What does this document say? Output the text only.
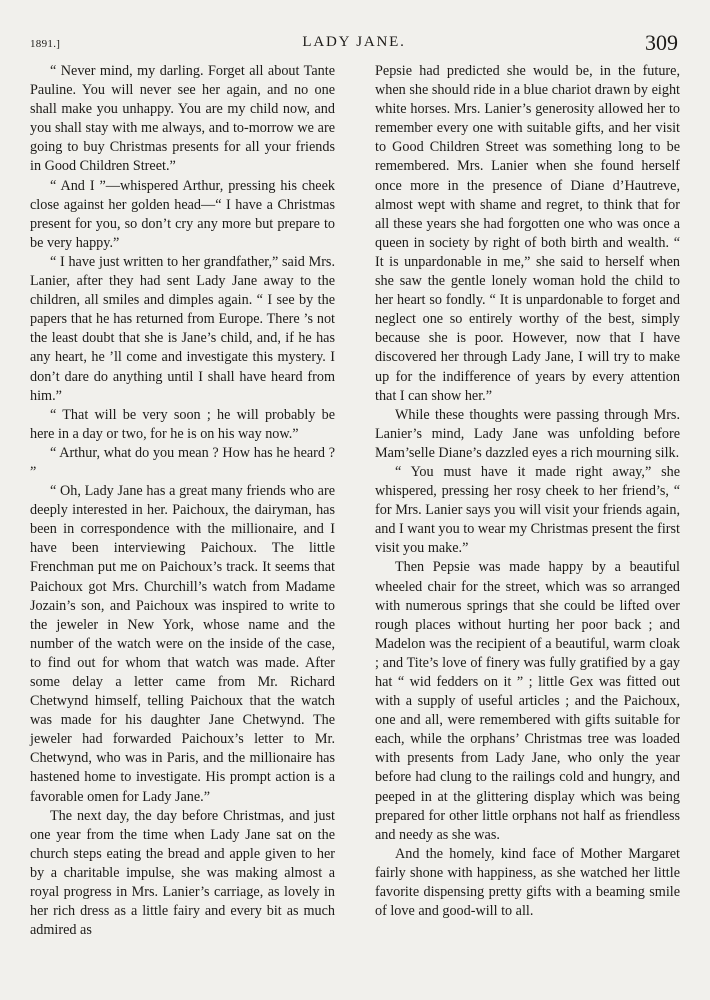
1891.]	LADY JANE.	309

“ Never mind, my darling. Forget all about Tante Pauline. You will never see her again, and no one shall make you unhappy. You are my child now, and you shall stay with me always, and to-morrow we are going to buy Christmas presents for all your friends in Good Children Street.”

“ And I ”—whispered Arthur, pressing his cheek close against her golden head—“ I have a Christmas present for you, so don’t cry any more but prepare to be very happy.”

“ I have just written to her grandfather,” said Mrs. Lanier, after they had sent Lady Jane away to the children, all smiles and dimples again. “ I see by the papers that he has returned from Europe. There ’s not the least doubt that she is Jane’s child, and, if he has any heart, he ’ll come and investigate this mystery. I don’t dare do anything until I shall have heard from him.”

“ That will be very soon ; he will probably be here in a day or two, for he is on his way now.”

“ Arthur, what do you mean ? How has he heard ? ”

“ Oh, Lady Jane has a great many friends who are deeply interested in her. Paichoux, the dairyman, has been in correspondence with the millionaire, and I have been interviewing Paichoux. The little Frenchman put me on Paichoux’s track. It seems that Paichoux got Mrs. Churchill’s watch from Madame Jozain’s son, and Paichoux was inspired to write to the jeweler in New York, whose name and the number of the watch were on the inside of the case, to find out for whom that watch was made. After some delay a letter came from Mr. Richard Chetwynd himself, telling Paichoux that the watch was made for his daughter Jane Chetwynd. The jeweler had forwarded Paichoux’s letter to Mr. Chetwynd, who was in Paris, and the millionaire has hastened home to investigate. His prompt action is a favorable omen for Lady Jane.”

The next day, the day before Christmas, and just one year from the time when Lady Jane sat on the church steps eating the bread and apple given to her by a charitable impulse, she was making almost a royal progress in Mrs. Lanier’s carriage, as lovely in her rich dress as a little fairy and every bit as much admired as

Pepsie had predicted she would be, in the future, when she should ride in a blue chariot drawn by eight white horses. Mrs. Lanier’s generosity allowed her to remember every one with suitable gifts, and her visit to Good Children Street was something long to be remembered. Mrs. Lanier when she found herself once more in the presence of Diane d’Hautreve, almost wept with shame and regret, to think that for all these years she had forgotten one who was once a queen in society by right of both birth and wealth. “ It is unpardonable in me,” she said to herself when she saw the gentle lonely woman hold the child to her heart so fondly. “ It is unpardonable to forget and neglect one so entirely worthy of the best, simply because she is poor. However, now that I have discovered her through Lady Jane, I will try to make up for the indifference of years by every attention that I can show her.”

While these thoughts were passing through Mrs. Lanier’s mind, Lady Jane was unfolding before Mam’selle Diane’s dazzled eyes a rich mourning silk.

“ You must have it made right away,” she whispered, pressing her rosy cheek to her friend’s, “ for Mrs. Lanier says you will visit your friends again, and I want you to wear my Christmas present the first visit you make.”

Then Pepsie was made happy by a beautiful wheeled chair for the street, which was so arranged with numerous springs that she could be lifted over rough places without hurting her poor back ; and Madelon was the recipient of a beautiful, warm cloak ; and Tite’s love of finery was fully gratified by a gay hat “ wid fedders on it ” ; little Gex was fitted out with a supply of useful articles ; and the Paichoux, one and all, were remembered with gifts suitable for each, while the orphans’ Christmas tree was loaded with presents from Lady Jane, who only the year before had clung to the railings cold and hungry, and peeped in at the glittering display which was being prepared for other little orphans not half as friendless and needy as she was.

And the homely, kind face of Mother Margaret fairly shone with happiness, as she watched her little favorite dispensing pretty gifts with a beaming smile of love and good-will to all.
